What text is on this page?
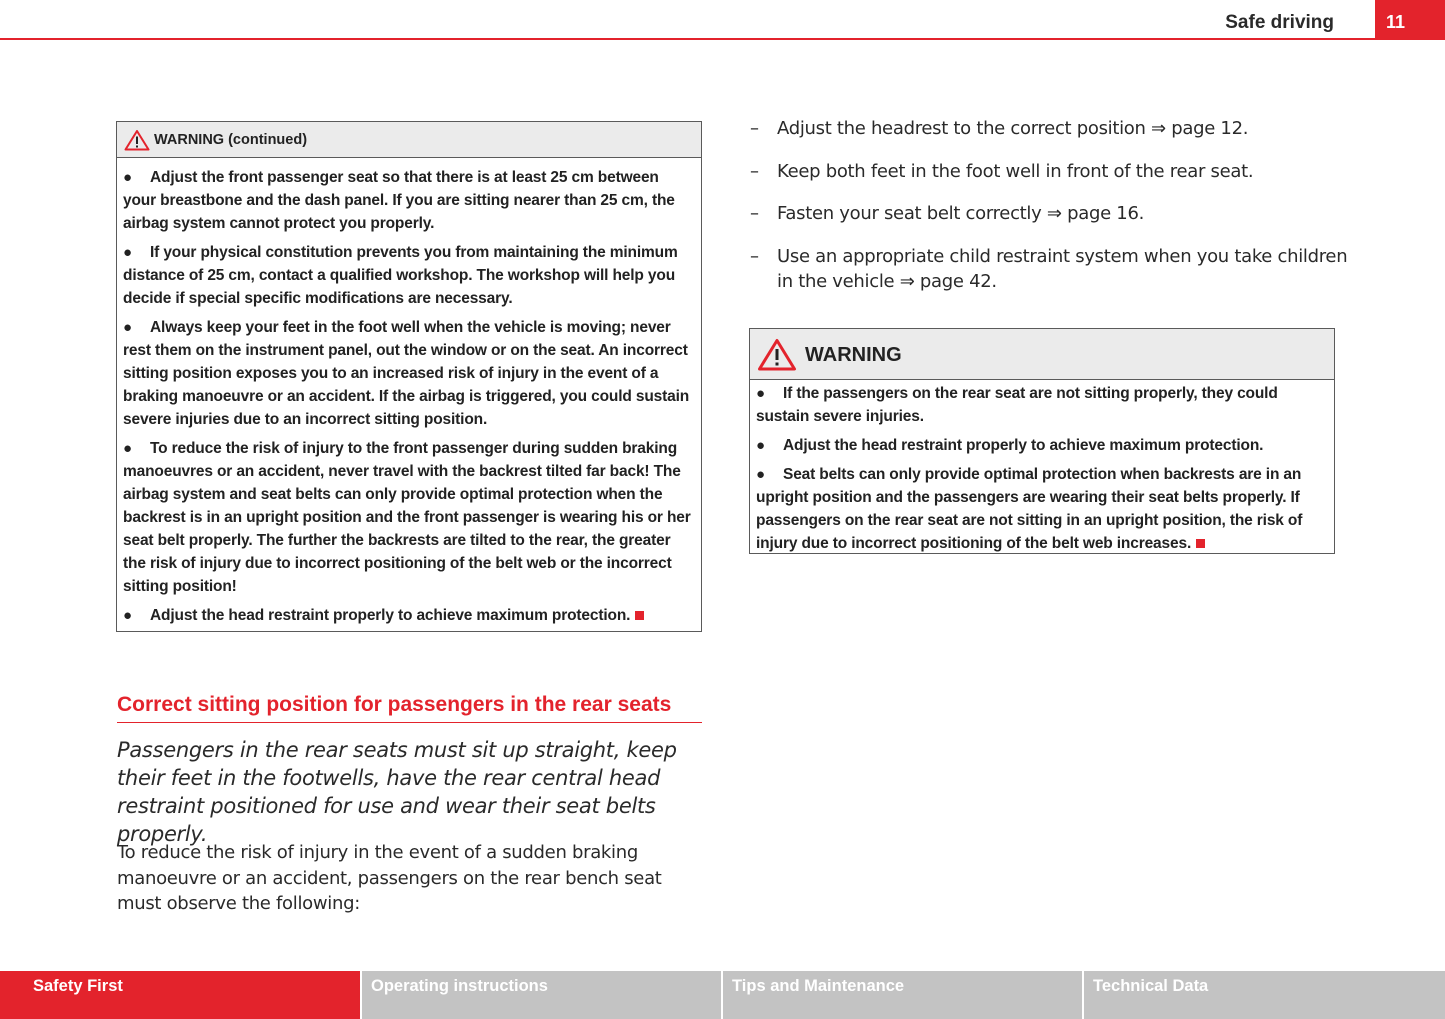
Safe driving	11
WARNING (continued)
● Adjust the front passenger seat so that there is at least 25 cm between your breastbone and the dash panel. If you are sitting nearer than 25 cm, the airbag system cannot protect you properly.
● If your physical constitution prevents you from maintaining the minimum distance of 25 cm, contact a qualified workshop. The workshop will help you decide if special specific modifications are necessary.
● Always keep your feet in the foot well when the vehicle is moving; never rest them on the instrument panel, out the window or on the seat. An incorrect sitting position exposes you to an increased risk of injury in the event of a braking manoeuvre or an accident. If the airbag is triggered, you could sustain severe injuries due to an incorrect sitting position.
● To reduce the risk of injury to the front passenger during sudden braking manoeuvres or an accident, never travel with the backrest tilted far back! The airbag system and seat belts can only provide optimal protection when the backrest is in an upright position and the front passenger is wearing his or her seat belt properly. The further the backrests are tilted to the rear, the greater the risk of injury due to incorrect positioning of the belt web or the incorrect sitting position!
● Adjust the head restraint properly to achieve maximum protection.
Correct sitting position for passengers in the rear seats
Passengers in the rear seats must sit up straight, keep their feet in the footwells, have the rear central head restraint positioned for use and wear their seat belts properly.
To reduce the risk of injury in the event of a sudden braking manoeuvre or an accident, passengers on the rear bench seat must observe the following:
– Adjust the headrest to the correct position ⇒ page 12.
– Keep both feet in the foot well in front of the rear seat.
– Fasten your seat belt correctly ⇒ page 16.
– Use an appropriate child restraint system when you take children in the vehicle ⇒ page 42.
WARNING
● If the passengers on the rear seat are not sitting properly, they could sustain severe injuries.
● Adjust the head restraint properly to achieve maximum protection.
● Seat belts can only provide optimal protection when backrests are in an upright position and the passengers are wearing their seat belts properly. If passengers on the rear seat are not sitting in an upright position, the risk of injury due to incorrect positioning of the belt web increases.
Safety First	Operating instructions	Tips and Maintenance	Technical Data
